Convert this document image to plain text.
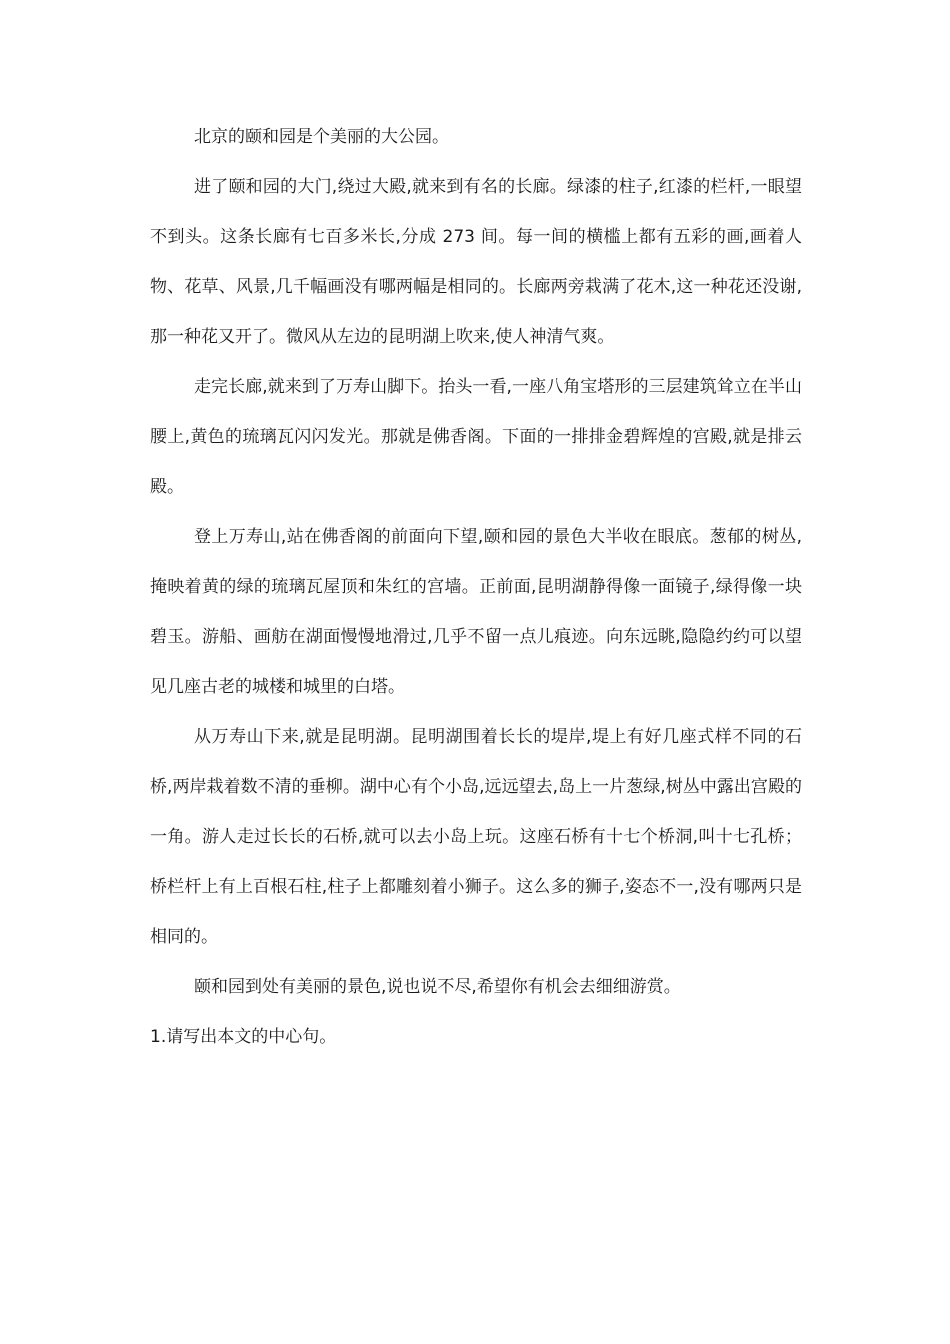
北京的颐和园是个美丽的大公园。

进了颐和园的大门,绕过大殿,就来到有名的长廊。绿漆的柱子,红漆的栏杆,一眼望不到头。这条长廊有七百多米长,分成 273 间。每一间的横槛上都有五彩的画,画着人物、花草、风景,几千幅画没有哪两幅是相同的。长廊两旁栽满了花木,这一种花还没谢,那一种花又开了。微风从左边的昆明湖上吹来,使人神清气爽。

走完长廊,就来到了万寿山脚下。抬头一看,一座八角宝塔形的三层建筑耸立在半山腰上,黄色的琉璃瓦闪闪发光。那就是佛香阁。下面的一排排金碧辉煌的宫殿,就是排云殿。

登上万寿山,站在佛香阁的前面向下望,颐和园的景色大半收在眼底。葱郁的树丛,掩映着黄的绿的琉璃瓦屋顶和朱红的宫墙。正前面,昆明湖静得像一面镜子,绿得像一块碧玉。游船、画舫在湖面慢慢地滑过,几乎不留一点儿痕迹。向东远眺,隐隐约约可以望见几座古老的城楼和城里的白塔。

从万寿山下来,就是昆明湖。昆明湖围着长长的堤岸,堤上有好几座式样不同的石桥,两岸栽着数不清的垂柳。湖中心有个小岛,远远望去,岛上一片葱绿,树丛中露出宫殿的一角。游人走过长长的石桥,就可以去小岛上玩。这座石桥有十七个桥洞,叫十七孔桥；桥栏杆上有上百根石柱,柱子上都雕刻着小狮子。这么多的狮子,姿态不一,没有哪两只是相同的。

颐和园到处有美丽的景色,说也说不尽,希望你有机会去细细游赏。

1.请写出本文的中心句。
